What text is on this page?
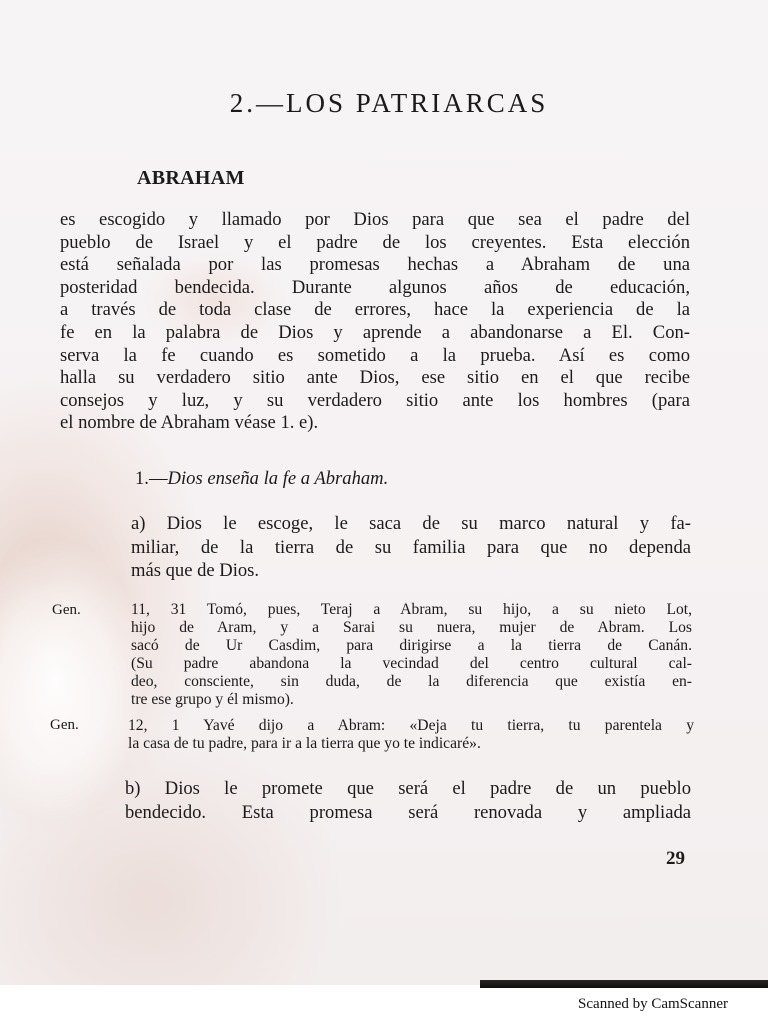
2.—LOS PATRIARCAS
ABRAHAM

es escogido y llamado por Dios para que sea el padre del
pueblo de Israel y el padre de los creyentes. Esta elección
está señalada por las promesas hechas a Abraham de una
posteridad bendecida. Durante algunos años de educación,
a través de toda clase de errores, hace la experiencia de la
fe en la palabra de Dios y aprende a abandonarse a El. Con-
serva la fe cuando es sometido a la prueba. Así es como
halla su verdadero sitio ante Dios, ese sitio en el que recibe
consejos y luz, y su verdadero sitio ante los hombres (para
el nombre de Abraham véase 1. e).

1.—Dios enseña la fe a Abraham.

a) Dios le escoge, le saca de su marco natural y fa-
miliar, de la tierra de su familia para que no dependa
más que de Dios.

Gen.	11, 31 Tomó, pues, Teraj a Abram, su hijo, a su nieto Lot,
hijo de Aram, y a Sarai su nuera, mujer de Abram. Los
sacó de Ur Casdim, para dirigirse a la tierra de Canán.
(Su padre abandona la vecindad del centro cultural cal-
deo, consciente, sin duda, de la diferencia que existía en-
tre ese grupo y él mismo).

Gen.	12, 1 Yavé dijo a Abram: «Deja tu tierra, tu parentela y
la casa de tu padre, para ir a la tierra que yo te indicaré».

b) Dios le promete que será el padre de un pueblo
bendecido. Esta promesa será renovada y ampliada

29

Scanned by CamScanner
